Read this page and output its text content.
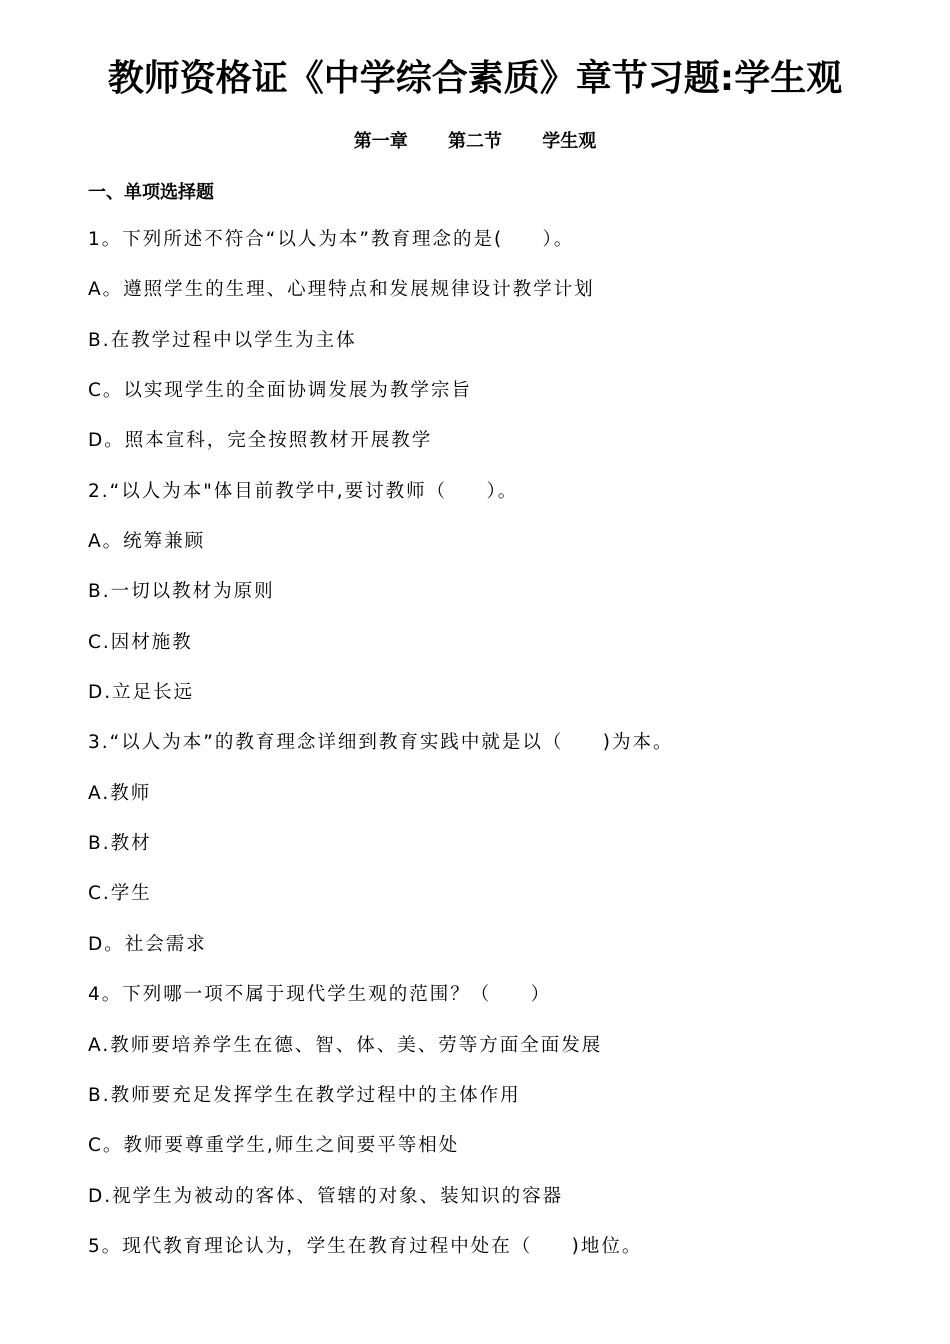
教师资格证《中学综合素质》章节习题:学生观
第一章 第二节 学生观
一、单项选择题
1。下列所述不符合“以人为本”教育理念的是(     ）。
A。遵照学生的生理、心理特点和发展规律设计教学计划
B.在教学过程中以学生为主体
C。以实现学生的全面协调发展为教学宗旨
D。照本宣科，完全按照教材开展教学
2.“以人为本"体目前教学中,要讨教师（     ）。
A。统筹兼顾
B.一切以教材为原则
C.因材施教
D.立足长远
3.“以人为本”的教育理念详细到教育实践中就是以（     )为本。
A.教师
B.教材
C.学生
D。社会需求
4。下列哪一项不属于现代学生观的范围？（     ）
A.教师要培养学生在德、智、体、美、劳等方面全面发展
B.教师要充足发挥学生在教学过程中的主体作用
C。教师要尊重学生,师生之间要平等相处
D.视学生为被动的客体、管辖的对象、装知识的容器
5。现代教育理论认为，学生在教育过程中处在（     )地位。
